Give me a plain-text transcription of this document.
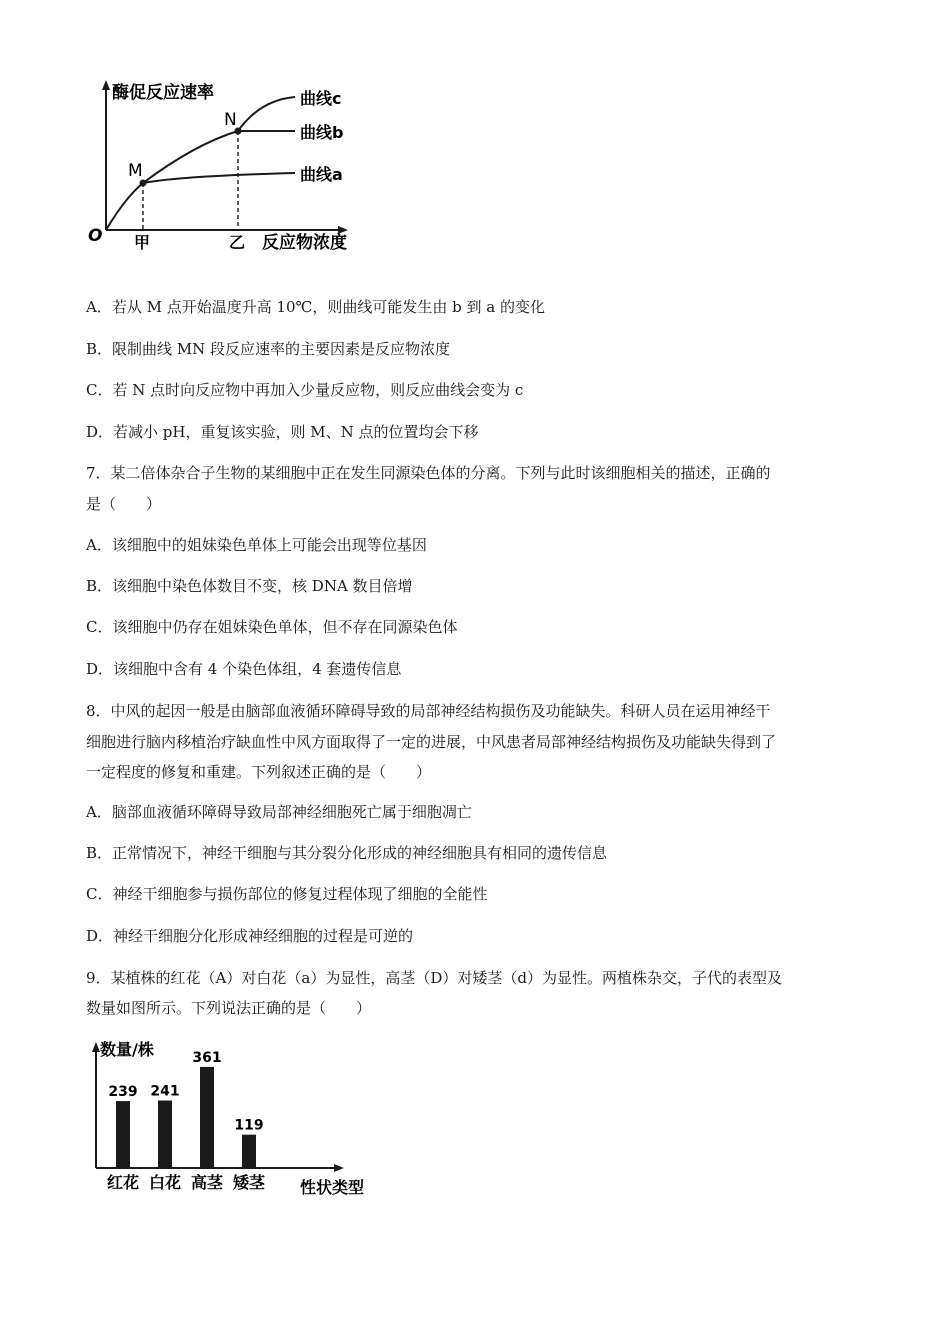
酶促反应速率
反应物浓度
O
M
N
甲	乙
曲线a
曲线b
曲线c
A．若从 M 点开始温度升高 10℃，则曲线可能发生由 b 到 a 的变化
B．限制曲线 MN 段反应速率的主要因素是反应物浓度
C．若 N 点时向反应物中再加入少量反应物，则反应曲线会变为 c
D．若减小 pH，重复该实验，则 M、N 点的位置均会下移
7．某二倍体杂合子生物的某细胞中正在发生同源染色体的分离。下列与此时该细胞相关的描述，正确的
是（　　）
A．该细胞中的姐妹染色单体上可能会出现等位基因
B．该细胞中染色体数目不变，核 DNA 数目倍增
C．该细胞中仍存在姐妹染色单体，但不存在同源染色体
D．该细胞中含有 4 个染色体组，4 套遗传信息
8．中风的起因一般是由脑部血液循环障碍导致的局部神经结构损伤及功能缺失。科研人员在运用神经干
细胞进行脑内移植治疗缺血性中风方面取得了一定的进展，中风患者局部神经结构损伤及功能缺失得到了
一定程度的修复和重建。下列叙述正确的是（　　）
A．脑部血液循环障碍导致局部神经细胞死亡属于细胞凋亡
B．正常情况下，神经干细胞与其分裂分化形成的神经细胞具有相同的遗传信息
C．神经干细胞参与损伤部位的修复过程体现了细胞的全能性
D．神经干细胞分化形成神经细胞的过程是可逆的
9．某植株的红花（A）对白花（a）为显性，高茎（D）对矮茎（d）为显性。两植株杂交，子代的表型及
数量如图所示。下列说法正确的是（　　）
数量/株
性状类型
239
红花
241
白花
361
高茎
119
矮茎
